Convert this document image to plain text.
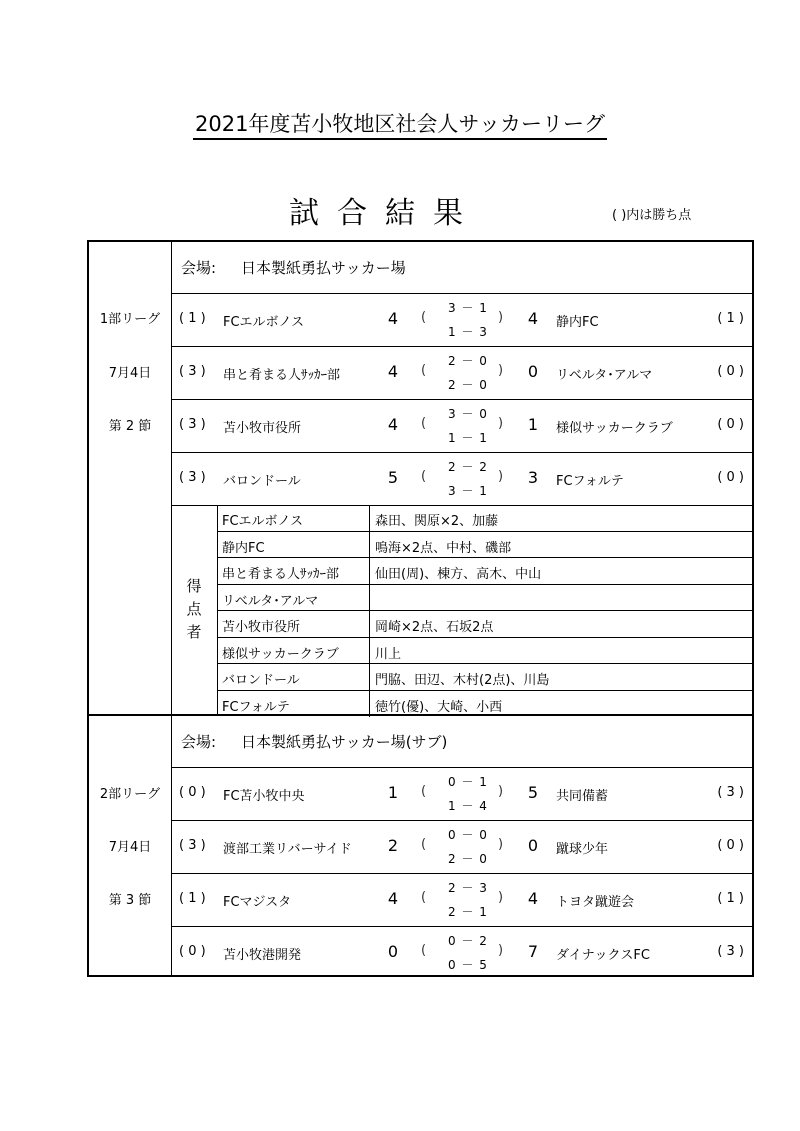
2021年度苫小牧地区社会人サッカーリーグ
試合結果	( )内は勝ち点
1部リーグ
7月4日
第 2 節
会場: 日本製紙勇払サッカー場
( 1 ) FCエルボノス	4	(
3 － 1
1 － 3
)	4	静内FC	( 1 )
( 3 ) 串と肴まる人ｻｯｶｰ部	4	(
2 － 0
2 － 0
)	0	リベルタ･アルマ	( 0 )
( 3 ) 苫小牧市役所	4	(
3 － 0
1 － 1
)	1	様似サッカークラブ	( 0 )
( 3 ) バロンドール	5	(
2 － 2
3 － 1
)	3	FCフォルテ	( 0 )
得
点
者
FCエルボノス	森田、関原×2、加藤
静内FC	鳴海×2点、中村、磯部
串と肴まる人ｻｯｶｰ部	仙田(周)、棟方、高木、中山
リベルタ･アルマ
苫小牧市役所	岡崎×2点、石坂2点
様似サッカークラブ	川上
バロンドール	門脇、田辺、木村(2点)、川島
FCフォルテ	徳竹(優)、大崎、小西
2部リーグ
7月4日
第 3 節
会場: 日本製紙勇払サッカー場(サブ)
( 0 ) FC苫小牧中央	1	(
0 － 1
1 － 4
)	5	共同備蓄	( 3 )
( 3 ) 渡部工業リバーサイド	2	(
0 － 0
2 － 0
)	0	蹴球少年	( 0 )
( 1 ) FCマジスタ	4	(
2 － 3
2 － 1
)	4	トヨタ蹴遊会	( 1 )
( 0 ) 苫小牧港開発	0	(
0 － 2
0 － 5
)	7	ダイナックスFC	( 3 )
